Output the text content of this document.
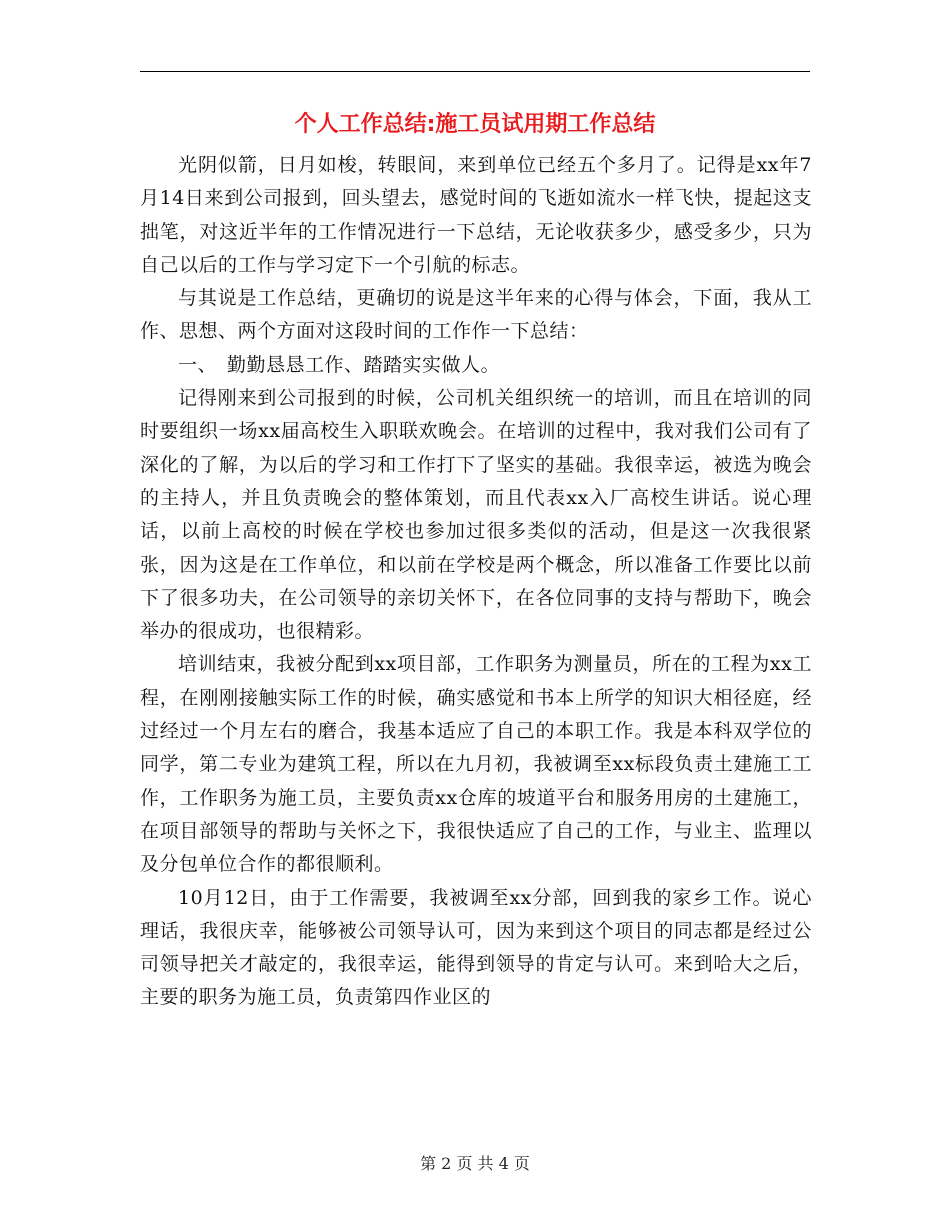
个人工作总结:施工员试用期工作总结

光阴似箭，日月如梭，转眼间，来到单位已经五个多月了。记得是xx年7月14日来到公司报到，回头望去，感觉时间的飞逝如流水一样飞快，提起这支拙笔，对这近半年的工作情况进行一下总结，无论收获多少，感受多少，只为自己以后的工作与学习定下一个引航的标志。

与其说是工作总结，更确切的说是这半年来的心得与体会，下面，我从工作、思想、两个方面对这段时间的工作作一下总结：

一、　勤勤恳恳工作、踏踏实实做人。

记得刚来到公司报到的时候，公司机关组织统一的培训，而且在培训的同时要组织一场xx届高校生入职联欢晚会。在培训的过程中，我对我们公司有了深化的了解，为以后的学习和工作打下了坚实的基础。我很幸运，被选为晚会的主持人，并且负责晚会的整体策划，而且代表xx入厂高校生讲话。说心理话，以前上高校的时候在学校也参加过很多类似的活动，但是这一次我很紧张，因为这是在工作单位，和以前在学校是两个概念，所以准备工作要比以前下了很多功夫，在公司领导的亲切关怀下，在各位同事的支持与帮助下，晚会举办的很成功，也很精彩。

培训结束，我被分配到xx项目部，工作职务为测量员，所在的工程为xx工程，在刚刚接触实际工作的时候，确实感觉和书本上所学的知识大相径庭，经过经过一个月左右的磨合，我基本适应了自己的本职工作。我是本科双学位的同学，第二专业为建筑工程，所以在九月初，我被调至xx标段负责土建施工工作，工作职务为施工员，主要负责xx仓库的坡道平台和服务用房的土建施工，在项目部领导的帮助与关怀之下，我很快适应了自己的工作，与业主、监理以及分包单位合作的都很顺利。

10月12日，由于工作需要，我被调至xx分部，回到我的家乡工作。说心理话，我很庆幸，能够被公司领导认可，因为来到这个项目的同志都是经过公司领导把关才敲定的，我很幸运，能得到领导的肯定与认可。来到哈大之后，主要的职务为施工员，负责第四作业区的

第 2 页 共 4 页
